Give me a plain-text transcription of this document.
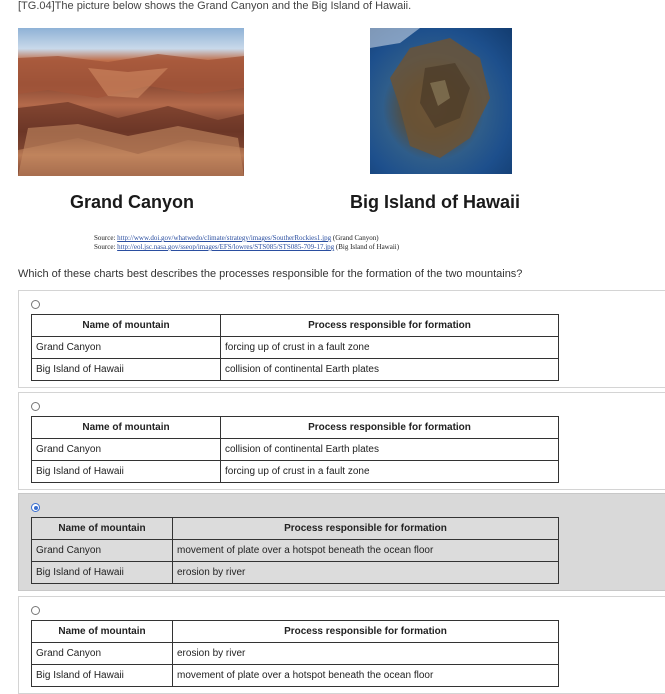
[TG.04]The picture below shows the Grand Canyon and the Big Island of Hawaii.
Grand Canyon	Big Island of Hawaii
Source: http://www.doi.gov/whatwedo/climate/strategy/images/SoutherRockies1.jpg (Grand Canyon)
Source: http://eol.jsc.nasa.gov/sseop/images/EFS/lowres/STS085/STS085-709-17.jpg (Big Island of Hawaii)
Which of these charts best describes the processes responsible for the formation of the two mountains?
Name of mountain	Process responsible for formation
Grand Canyon	forcing up of crust in a fault zone
Big Island of Hawaii	collision of continental Earth plates
Name of mountain	Process responsible for formation
Grand Canyon	collision of continental Earth plates
Big Island of Hawaii	forcing up of crust in a fault zone
Name of mountain	Process responsible for formation
Grand Canyon	movement of plate over a hotspot beneath the ocean floor
Big Island of Hawaii	erosion by river
Name of mountain	Process responsible for formation
Grand Canyon	erosion by river
Big Island of Hawaii	movement of plate over a hotspot beneath the ocean floor
